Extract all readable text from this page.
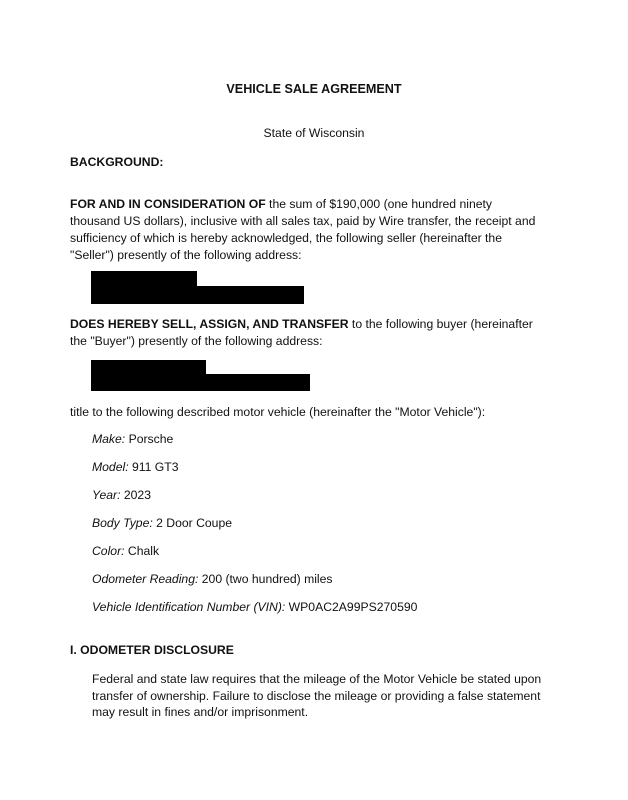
VEHICLE SALE AGREEMENT
State of Wisconsin
BACKGROUND:
FOR AND IN CONSIDERATION OF the sum of $190,000 (one hundred ninety
thousand US dollars), inclusive with all sales tax, paid by Wire transfer, the receipt and
sufficiency of which is hereby acknowledged, the following seller (hereinafter the
"Seller") presently of the following address:
DOES HEREBY SELL, ASSIGN, AND TRANSFER to the following buyer (hereinafter
the "Buyer") presently of the following address:
title to the following described motor vehicle (hereinafter the "Motor Vehicle"):
Make: Porsche
Model: 911 GT3
Year: 2023
Body Type: 2 Door Coupe
Color: Chalk
Odometer Reading: 200 (two hundred) miles
Vehicle Identification Number (VIN): WP0AC2A99PS270590
I. ODOMETER DISCLOSURE
Federal and state law requires that the mileage of the Motor Vehicle be stated upon
transfer of ownership. Failure to disclose the mileage or providing a false statement
may result in fines and/or imprisonment.
